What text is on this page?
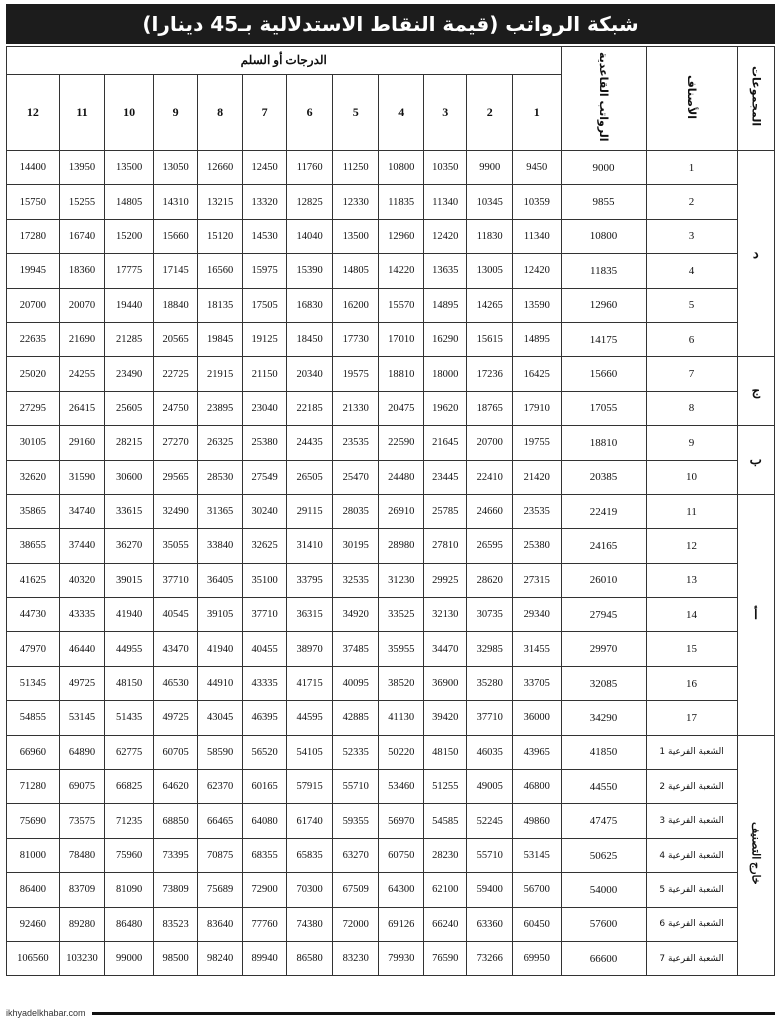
شبكة الرواتب (قيمة النقاط الاستدلالية بـ45 دينارا)
المجموعات	الأصناف	الرواتب القاعدية	الدرجات أو السلم											
			1	2	3	4	5	6	7	8	9	10	11	12
د	1	9000	9450	9900	10350	10800	11250	11760	12450	12660	13050	13500	13950	14400
	2	9855	10359	10345	11340	11835	12330	12825	13320	13215	14310	14805	15255	15750
	3	10800	11340	11830	12420	12960	13500	14040	14530	15120	15660	15200	16740	17280
	4	11835	12420	13005	13635	14220	14805	15390	15975	16560	17145	17775	18360	19945
	5	12960	13590	14265	14895	15570	16200	16830	17505	18135	18840	19440	20070	20700
	6	14175	14895	15615	16290	17010	17730	18450	19125	19845	20565	21285	21690	22635
ج	7	15660	16425	17236	18000	18810	19575	20340	21150	21915	22725	23490	24255	25020
	8	17055	17910	18765	19620	20475	21330	22185	23040	23895	24750	25605	26415	27295
ب	9	18810	19755	20700	21645	22590	23535	24435	25380	26325	27270	28215	29160	30105
	10	20385	21420	22410	23445	24480	25470	26505	27549	28530	29565	30600	31590	32620
أ	11	22419	23535	24660	25785	26910	28035	29115	30240	31365	32490	33615	34740	35865
	12	24165	25380	26595	27810	28980	30195	31410	32625	33840	35055	36270	37440	38655
	13	26010	27315	28620	29925	31230	32535	33795	35100	36405	37710	39015	40320	41625
	14	27945	29340	30735	32130	33525	34920	36315	37710	39105	40545	41940	43335	44730
	15	29970	31455	32985	34470	35955	37485	38970	40455	41940	43470	44955	46440	47970
	16	32085	33705	35280	36900	38520	40095	41715	43335	44910	46530	48150	49725	51345
	17	34290	36000	37710	39420	41130	42885	44595	46395	43045	49725	51435	53145	54855
خارج التصنيف	الشعبة الفرعية 1	41850	43965	46035	48150	50220	52335	54105	56520	58590	60705	62775	64890	66960
	الشعبة الفرعية 2	44550	46800	49005	51255	53460	55710	57915	60165	62370	64620	66825	69075	71280
	الشعبة الفرعية 3	47475	49860	52245	54585	56970	59355	61740	64080	66465	68850	71235	73575	75690
	الشعبة الفرعية 4	50625	53145	55710	28230	60750	63270	65835	68355	70875	73395	75960	78480	81000
	الشعبة الفرعية 5	54000	56700	59400	62100	64300	67509	70300	72900	75689	73809	81090	83709	86400
	الشعبة الفرعية 6	57600	60450	63360	66240	69126	72000	74380	77760	83640	83523	86480	89280	92460
	الشعبة الفرعية 7	66600	69950	73266	76590	79930	83230	86580	89940	98240	98500	99000	103230	106560
ikhyadelkhabar.com
